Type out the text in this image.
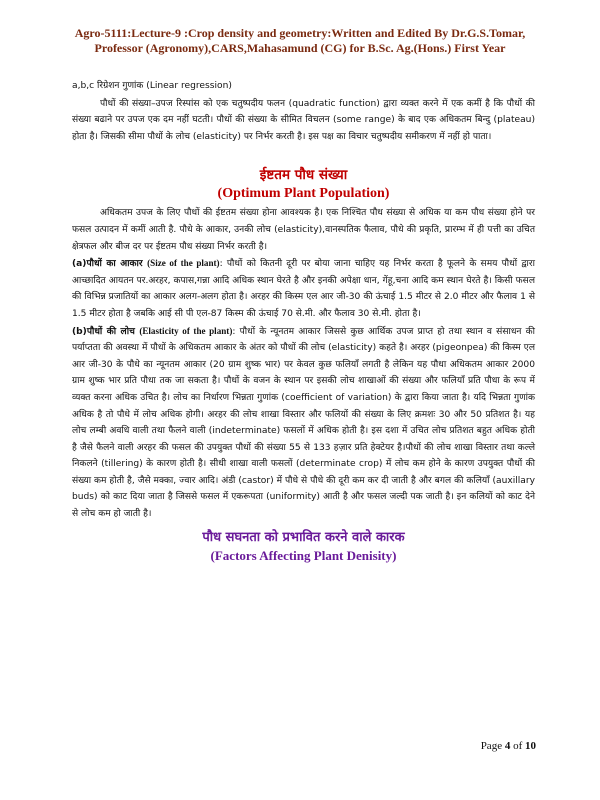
Agro-5111:Lecture-9 :Crop density and geometry:Written and Edited By Dr.G.S.Tomar,
Professor (Agronomy),CARS,Mahasamund (CG) for B.Sc. Ag.(Hons.) First Year

a,b,c रिग्रेशन गुणांक (Linear regression)

पौधों की संख्या–उपज रिस्पांस को एक चतुष्पदीय फलन (quadratic function) द्वारा व्यक्त करने में एक कमीं है कि पौधों की संख्या बढाने पर उपज एक दम नहीं घटती। पौधों की संख्या के सीमित विचलन (some range) के बाद एक अधिकतम बिन्दु (plateau) होता है। जिसकी सीमा पौधों के लोच (elasticity) पर निर्भर करती है। इस पक्ष का विचार चतुष्पदीय समीकरण में नहीं हो पाता।

ईष्टतम पौध संख्या
(Optimum Plant Population)

अधिकतम उपज के लिए पौधों की ईष्टतम संख्या होना आवश्यक है। एक निश्चित पौध संख्या से अधिक या कम पौध संख्या होने पर फसल उत्पादन में कमीं आती है. पौधे के आकार, उनकी लोच (elasticity),वानस्पतिक फैलाव, पौधे की प्रकृति, प्रारम्भ में ही पत्ती का उचित क्षेत्रफल और बीज दर पर ईष्टतम पौध संख्या निर्भर करती है।

(a)पौधों का आकार (Size of the plant): पौधों को कितनी दूरी पर बोया जाना चाहिए यह निर्भर करता है फूलने के समय पौधों द्वारा आच्छादित आयतन पर.अरहर, कपास,गन्ना आदि अधिक स्थान घेरते है और इनकी अपेक्षा धान, गेंहू,चना आदि कम स्थान घेरते है। किसी फसल की विभिन्न प्रजातियों का आकार अलग-अलग होता है। अरहर की किस्म एल आर जी-30 की ऊंचाई 1.5 मीटर से 2.0 मीटर और फैलाव 1 से 1.5 मीटर होता है जबकि आई सी पी एल-87 किस्म की ऊंचाई 70 से.मी. और फैलाव 30 से.मी. होता है।

(b)पौधों की लोच (Elasticity of the plant): पौधों के न्यूनतम आकार जिससे कुछ आर्थिक उपज प्राप्त हो तथा स्थान व संसाधन की पर्याप्तता की अवस्था में पौधों के अधिकतम आकार के अंतर को पौधों की लोच (elasticity) कहते है। अरहर (pigeonpea) की किस्म एल आर जी-30 के पौधे का न्यूनतम आकार (20 ग्राम शुष्क भार) पर केवल कुछ फलियाँ लगती है लेकिन यह पौधा अधिकतम आकार 2000 ग्राम शुष्क भार प्रति पौधा तक जा सकता है। पौधों के वजन के स्थान पर इसकी लोच शाखाओं की संख्या और फलियाँ प्रति पौधा के रूप में व्यक्त करना अधिक उचित है। लोच का निर्धारण भिन्नता गुणांक (coefficient of variation) के द्वारा किया जाता है। यदि भिन्नता गुणांक अधिक है तो पौधे में लोच अधिक होगी। अरहर की लोच शाखा विस्तार और फलियों की संख्या के लिए क्रमशः 30 और 50 प्रतिशत है। यह लोच लम्बी अवधि वाली तथा फैलने वाली (indeterminate) फसलों में अधिक होती है। इस दशा में उचित लोच प्रतिशत बहुत अधिक होती है जैसे फैलने वाली अरहर की फसल की उपयुक्त पौधों की संख्या 55 से 133 हज़ार प्रति हेक्टेयर है।पौधों की लोच शाखा विस्तार तथा कल्ले निकलने (tillering) के कारण होती है। सीधी शाखा वाली फसलों (determinate crop) में लोच कम होने के कारण उपयुक्त पौधों की संख्या कम होती है, जैसे मक्का, ज्वार आदि। अंडी (castor) में पौधे से पौधे की दूरी कम कर दी जाती है और बगल की कलियाँ (auxillary buds) को काट दिया जाता है जिससे फसल में एकरूपता (uniformity) आती है और फसल जल्दी पक जाती है। इन कलियों को काट देने से लोच कम हो जाती है।

पौध सघनता को प्रभावित करने वाले कारक
(Factors Affecting Plant Denisity)
Page 4 of 10
